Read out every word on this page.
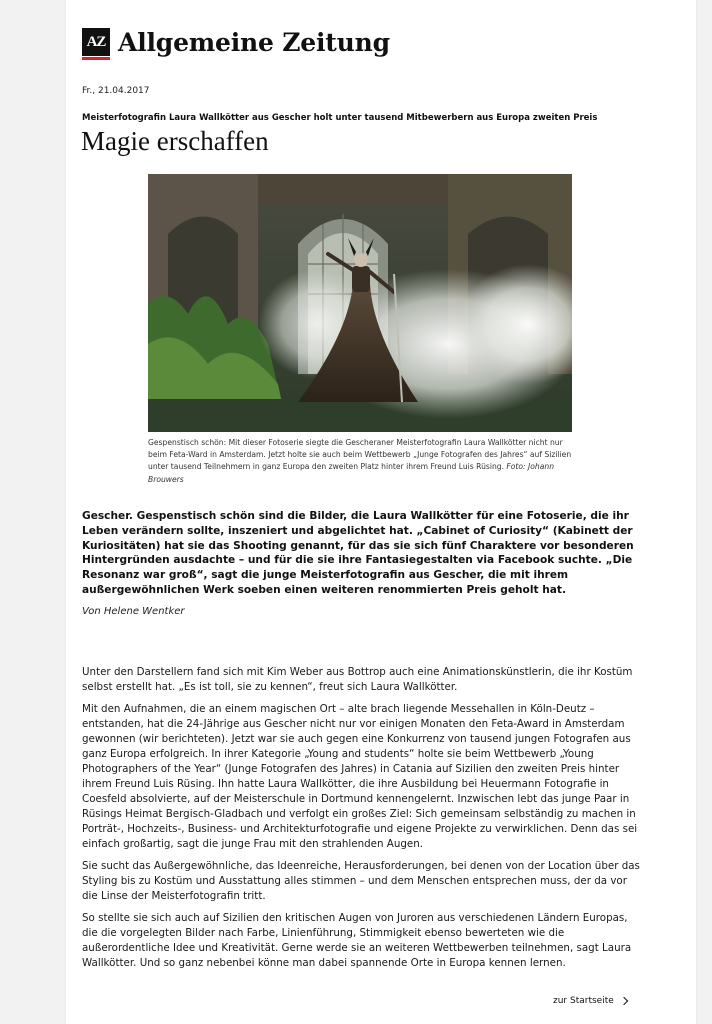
AZ Allgemeine Zeitung
Fr., 21.04.2017
Meisterfotografin Laura Wallkötter aus Gescher holt unter tausend Mitbewerbern aus Europa zweiten Preis
Magie erschaffen
Gespenstisch schön: Mit dieser Fotoserie siegte die Gescheraner Meisterfotografin Laura Wallkötter nicht nur beim Feta-Ward in Amsterdam. Jetzt holte sie auch beim Wettbewerb „Junge Fotografen des Jahres“ auf Sizilien unter tausend Teilnehmern in ganz Europa den zweiten Platz hinter ihrem Freund Luis Rüsing. Foto: Johann Brouwers
Gescher. Gespenstisch schön sind die Bilder, die Laura Wallkötter für eine Fotoserie, die ihr Leben verändern sollte, inszeniert und abgelichtet hat. „Cabinet of Curiosity“ (Kabinett der Kuriositäten) hat sie das Shooting genannt, für das sie sich fünf Charaktere vor besonderen Hintergründen ausdachte – und für die sie ihre Fantasiegestalten via Facebook suchte. „Die Resonanz war groß“, sagt die junge Meisterfotografin aus Gescher, die mit ihrem außergewöhnlichen Werk soeben einen weiteren renommierten Preis geholt hat.
Von Helene Wentker

Unter den Darstellern fand sich mit Kim Weber aus Bottrop auch eine Animationskünstlerin, die ihr Kostüm selbst erstellt hat. „Es ist toll, sie zu kennen“, freut sich Laura Wallkötter.

Mit den Aufnahmen, die an einem magischen Ort – alte brach liegende Messehallen in Köln-Deutz – entstanden, hat die 24-Jährige aus Gescher nicht nur vor einigen Monaten den Feta-Award in Amsterdam gewonnen (wir berichteten). Jetzt war sie auch gegen eine Konkurrenz von tausend jungen Fotografen aus ganz Europa erfolgreich. In ihrer Kategorie „Young and students“ holte sie beim Wettbewerb „Young Photographers of the Year“ (Junge Fotografen des Jahres) in Catania auf Sizilien den zweiten Preis hinter ihrem Freund Luis Rüsing. Ihn hatte Laura Wallkötter, die ihre Ausbildung bei Heuermann Fotografie in Coesfeld absolvierte, auf der Meisterschule in Dortmund kennengelernt. Inzwischen lebt das junge Paar in Rüsings Heimat Bergisch-Gladbach und verfolgt ein großes Ziel: Sich gemeinsam selbständig zu machen in Porträt-, Hochzeits-, Business- und Architekturfotografie und eigene Projekte zu verwirklichen. Denn das sei einfach großartig, sagt die junge Frau mit den strahlenden Augen.

Sie sucht das Außergewöhnliche, das Ideenreiche, Herausforderungen, bei denen von der Location über das Styling bis zu Kostüm und Ausstattung alles stimmen – und dem Menschen entsprechen muss, der da vor die Linse der Meisterfotografin tritt.

So stellte sie sich auch auf Sizilien den kritischen Augen von Juroren aus verschiedenen Ländern Europas, die die vorgelegten Bilder nach Farbe, Linienführung, Stimmigkeit ebenso bewerteten wie die außerordentliche Idee und Kreativität. Gerne werde sie an weiteren Wettbewerben teilnehmen, sagt Laura Wallkötter. Und so ganz nebenbei könne man dabei spannende Orte in Europa kennen lernen.

zur Startseite
